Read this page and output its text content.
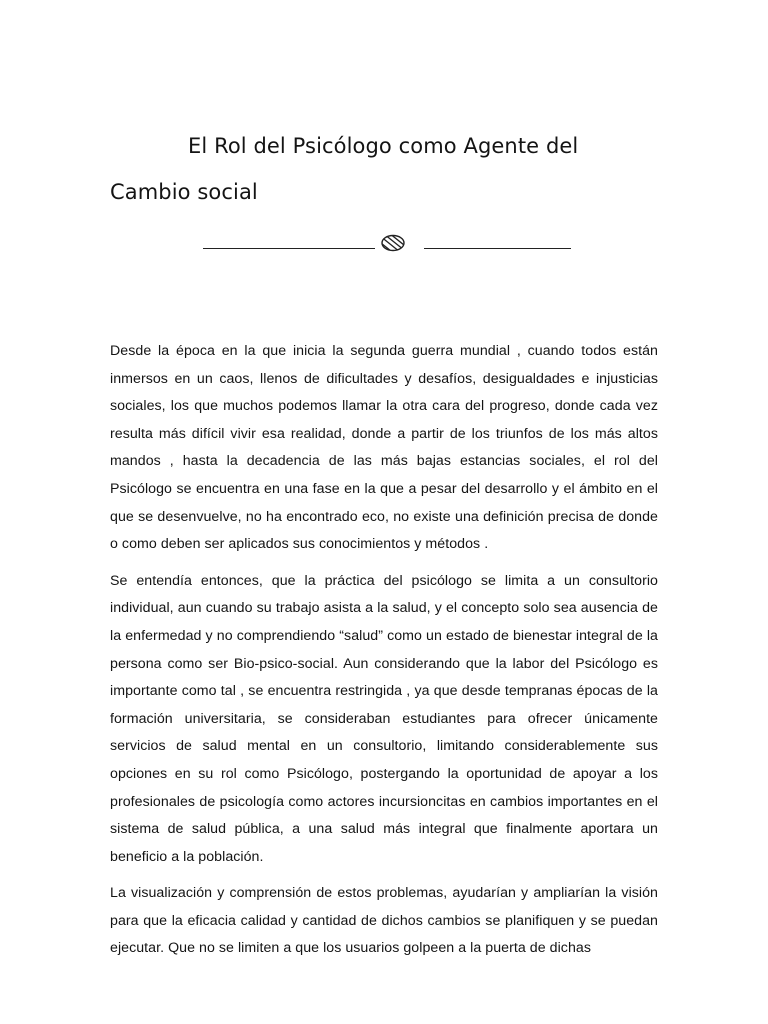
El Rol del Psicólogo como Agente del
Cambio social

Desde la época en la que inicia la segunda guerra mundial , cuando todos están inmersos en un caos, llenos de dificultades y desafíos, desigualdades e injusticias sociales, los que muchos podemos llamar la otra cara del progreso, donde cada vez resulta más difícil vivir esa realidad, donde a partir de los triunfos de los más altos mandos , hasta la decadencia de las más bajas estancias sociales, el rol del Psicólogo se encuentra en una fase en la que a pesar del desarrollo y el ámbito en el que se desenvuelve, no ha encontrado eco, no existe una definición precisa de donde o como deben ser aplicados sus conocimientos y métodos .

Se entendía entonces, que la práctica del psicólogo se limita a un consultorio individual, aun cuando su trabajo asista a la salud, y el concepto solo sea ausencia de la enfermedad y no comprendiendo “salud” como un estado de bienestar integral de la persona como ser Bio-psico-social. Aun considerando que la labor del Psicólogo es importante como tal , se encuentra restringida , ya que desde tempranas épocas de la formación universitaria, se consideraban estudiantes para ofrecer únicamente servicios de salud mental en un consultorio, limitando considerablemente sus opciones en su rol como Psicólogo, postergando la oportunidad de apoyar a los profesionales de psicología como actores incursioncitas en cambios importantes en el sistema de salud pública, a una salud más integral que finalmente aportara un beneficio a la población.

La visualización y comprensión de estos problemas, ayudarían y ampliarían la visión para que la eficacia calidad y cantidad de dichos cambios se planifiquen y se puedan ejecutar. Que no se limiten a que los usuarios golpeen a la puerta de dichas
